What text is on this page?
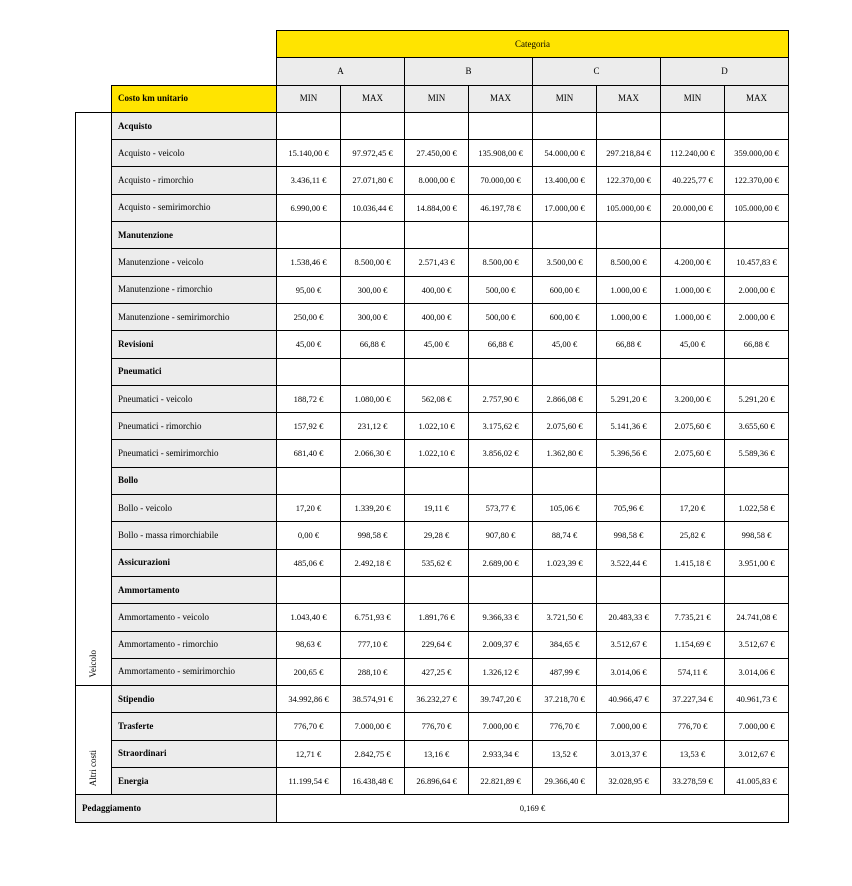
		Categoria							
		A		B		C		D	
	Costo km unitario	MIN	MAX	MIN	MAX	MIN	MAX	MIN	MAX
Veicolo	Acquisto								
	Acquisto - veicolo	15.140,00 €	97.972,45 €	27.450,00 €	135.908,00 €	54.000,00 €	297.218,84 €	112.240,00 €	359.000,00 €
	Acquisto - rimorchio	3.436,11 €	27.071,80 €	8.000,00 €	70.000,00 €	13.400,00 €	122.370,00 €	40.225,77 €	122.370,00 €
	Acquisto - semirimorchio	6.990,00 €	10.036,44 €	14.884,00 €	46.197,78 €	17.000,00 €	105.000,00 €	20.000,00 €	105.000,00 €
	Manutenzione								
	Manutenzione - veicolo	1.538,46 €	8.500,00 €	2.571,43 €	8.500,00 €	3.500,00 €	8.500,00 €	4.200,00 €	10.457,83 €
	Manutenzione - rimorchio	95,00 €	300,00 €	400,00 €	500,00 €	600,00 €	1.000,00 €	1.000,00 €	2.000,00 €
	Manutenzione - semirimorchio	250,00 €	300,00 €	400,00 €	500,00 €	600,00 €	1.000,00 €	1.000,00 €	2.000,00 €
	Revisioni	45,00 €	66,88 €	45,00 €	66,88 €	45,00 €	66,88 €	45,00 €	66,88 €
	Pneumatici								
	Pneumatici - veicolo	188,72 €	1.080,00 €	562,08 €	2.757,90 €	2.866,08 €	5.291,20 €	3.200,00 €	5.291,20 €
	Pneumatici - rimorchio	157,92 €	231,12 €	1.022,10 €	3.175,62 €	2.075,60 €	5.141,36 €	2.075,60 €	3.655,60 €
	Pneumatici - semirimorchio	681,40 €	2.066,30 €	1.022,10 €	3.856,02 €	1.362,80 €	5.396,56 €	2.075,60 €	5.589,36 €
	Bollo								
	Bollo - veicolo	17,20 €	1.339,20 €	19,11 €	573,77 €	105,06 €	705,96 €	17,20 €	1.022,58 €
	Bollo - massa rimorchiabile	0,00 €	998,58 €	29,28 €	907,80 €	88,74 €	998,58 €	25,82 €	998,58 €
	Assicurazioni	485,06 €	2.492,18 €	535,62 €	2.689,00 €	1.023,39 €	3.522,44 €	1.415,18 €	3.951,00 €
	Ammortamento								
	Ammortamento - veicolo	1.043,40 €	6.751,93 €	1.891,76 €	9.366,33 €	3.721,50 €	20.483,33 €	7.735,21 €	24.741,08 €
	Ammortamento - rimorchio	98,63 €	777,10 €	229,64 €	2.009,37 €	384,65 €	3.512,67 €	1.154,69 €	3.512,67 €
	Ammortamento - semirimorchio	200,65 €	288,10 €	427,25 €	1.326,12 €	487,99 €	3.014,06 €	574,11 €	3.014,06 €
Altri costi	Stipendio	34.992,86 €	38.574,91 €	36.232,27 €	39.747,20 €	37.218,70 €	40.966,47 €	37.227,34 €	40.961,73 €
	Trasferte	776,70 €	7.000,00 €	776,70 €	7.000,00 €	776,70 €	7.000,00 €	776,70 €	7.000,00 €
	Straordinari	12,71 €	2.842,75 €	13,16 €	2.933,34 €	13,52 €	3.013,37 €	13,53 €	3.012,67 €
	Energia	11.199,54 €	16.438,48 €	26.896,64 €	22.821,89 €	29.366,40 €	32.028,95 €	33.278,59 €	41.005,83 €
Pedaggiamento		0,169 €							
